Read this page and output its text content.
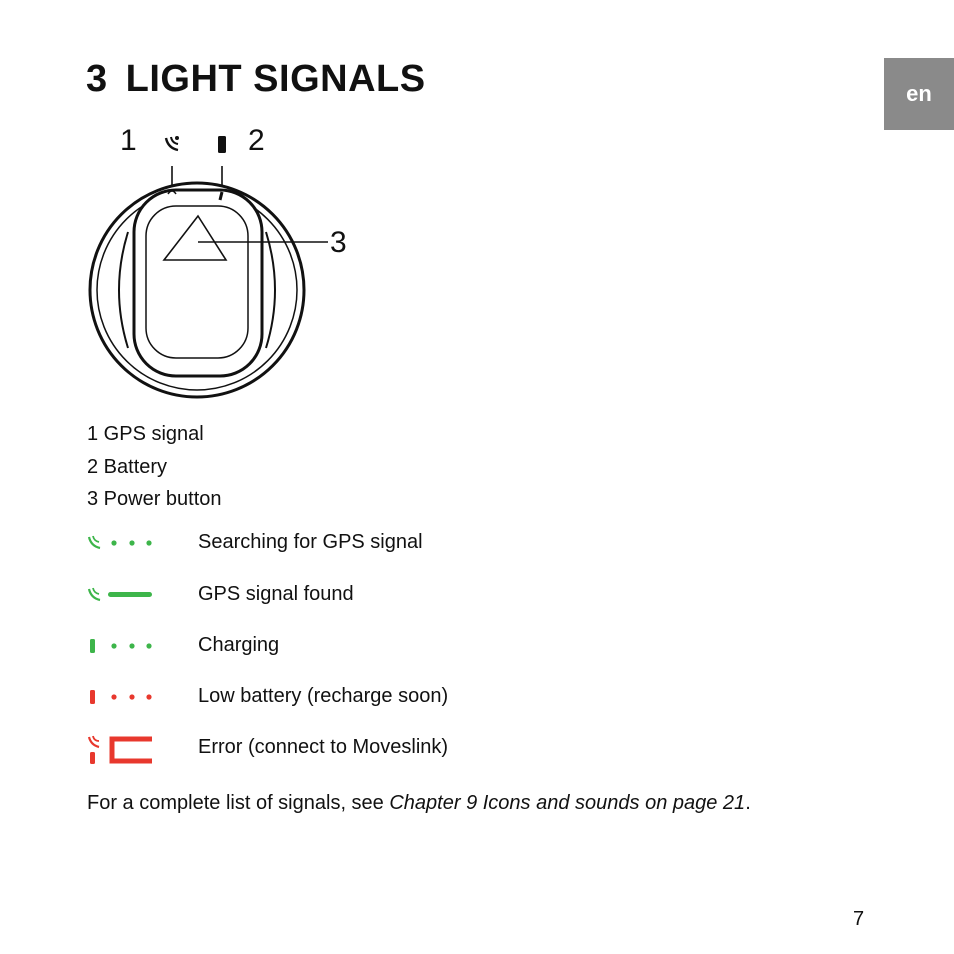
en
3 LIGHT SIGNALS
1	2
3
1 GPS signal
2 Battery
3 Power button
Searching for GPS signal
GPS signal found
Charging
Low battery (recharge soon)
Error (connect to Moveslink)

For a complete list of signals, see Chapter 9 Icons and sounds on page 21.

7
